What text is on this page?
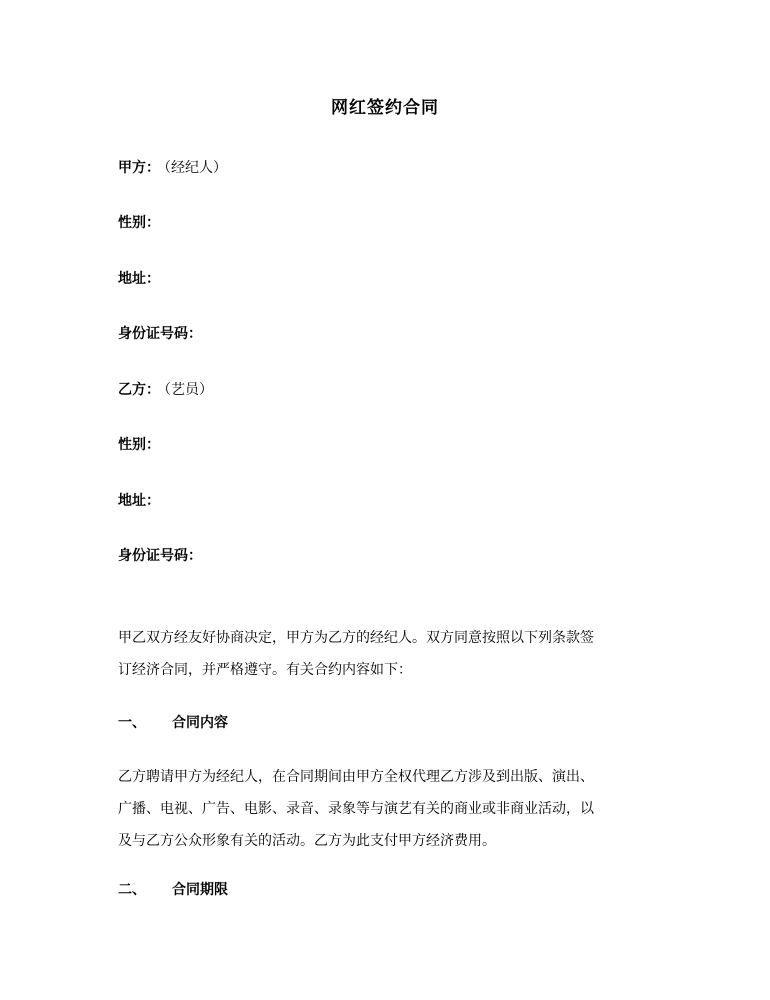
网红签约合同
甲方： （经纪人）
性别：
地址：
身份证号码：
乙方： （艺员）
性别：
地址：
身份证号码：
甲乙双方经友好协商决定，甲方为乙方的经纪人。双方同意按照以下列条款签
订经济合同，并严格遵守。有关合约内容如下：
一、 合同内容
乙方聘请甲方为经纪人，在合同期间由甲方全权代理乙方涉及到出版、演出、
广播、电视、广告、电影、录音、录象等与演艺有关的商业或非商业活动，以
及与乙方公众形象有关的活动。乙方为此支付甲方经济费用。
二、 合同期限
